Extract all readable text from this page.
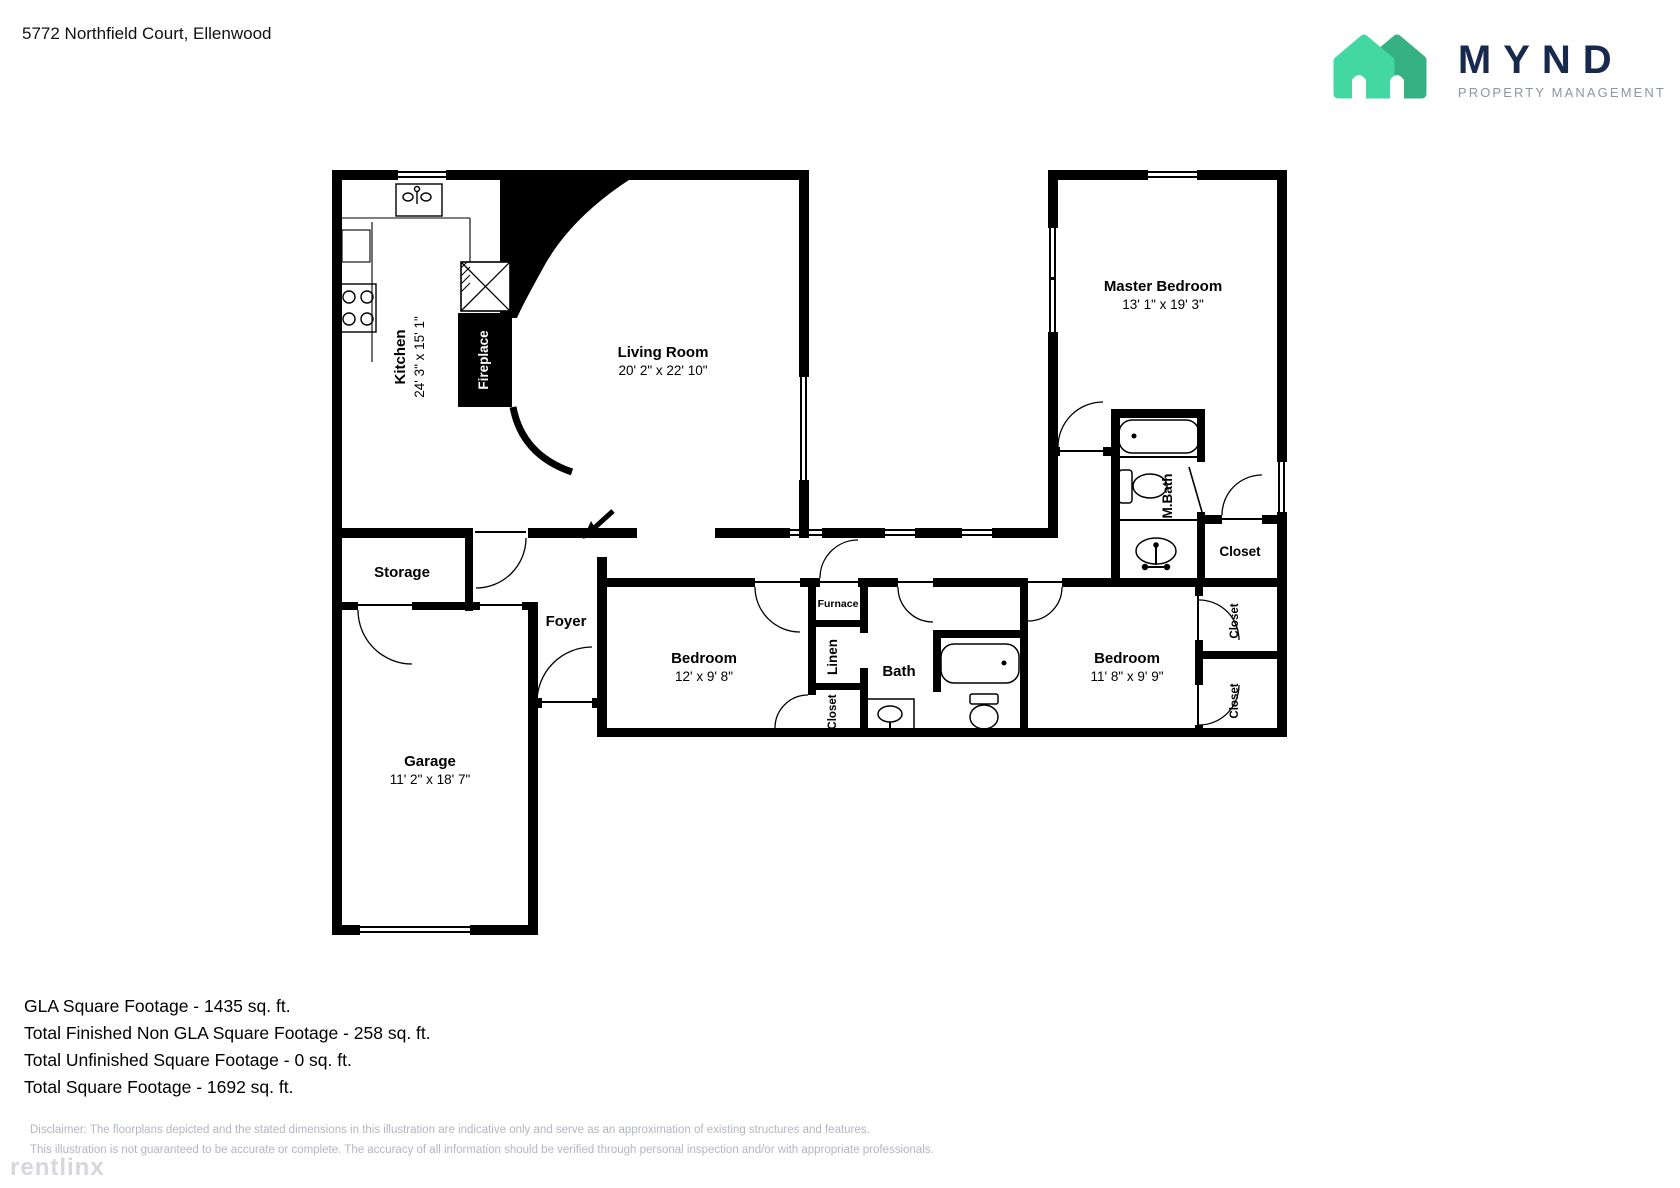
5772 Northfield Court, Ellenwood
MYND
PROPERTY MANAGEMENT
Kitchen 24' 3" x 15' 1"	Fireplace	Living Room
20' 2" x 22' 10"
Master Bedroom
13' 1" x 19' 3"
M.Bath
Closet
Storage
Foyer
Garage
11' 2" x 18' 7"
Bedroom
12' x 9' 8"
Furnace
Linen
Closet
Bath
Bedroom
11' 8" x 9' 9"
Closet
Closet
GLA Square Footage - 1435 sq. ft.
Total Finished Non GLA Square Footage - 258 sq. ft.
Total Unfinished Square Footage - 0 sq. ft.
Total Square Footage - 1692 sq. ft.
Disclaimer: The floorplans depicted and the stated dimensions in this illustration are indicative only and serve as an approximation of existing structures and features.
This illustration is not guaranteed to be accurate or complete. The accuracy of all information should be verified through personal inspection and/or with appropriate professionals.
rentlinx
